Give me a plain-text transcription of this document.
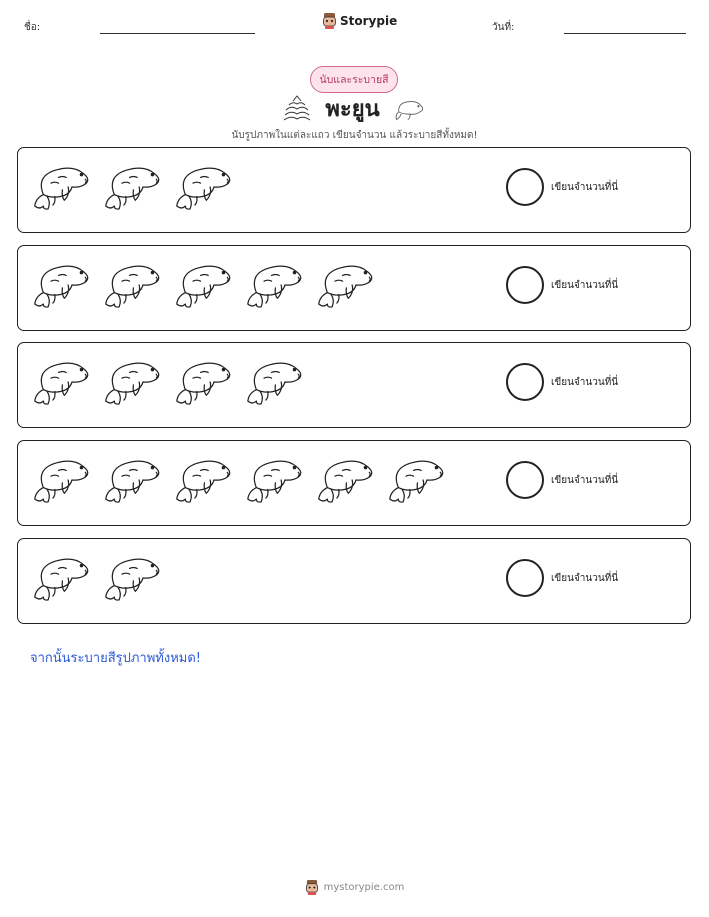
ชื่อ:	Storypie	วันที่:
นับและระบายสี
พะยูน
นับรูปภาพในแต่ละแถว เขียนจำนวน แล้วระบายสีทั้งหมด!
เขียนจำนวนที่นี่
เขียนจำนวนที่นี่
เขียนจำนวนที่นี่
เขียนจำนวนที่นี่
เขียนจำนวนที่นี่
จากนั้นระบายสีรูปภาพทั้งหมด!
mystorypie.com
